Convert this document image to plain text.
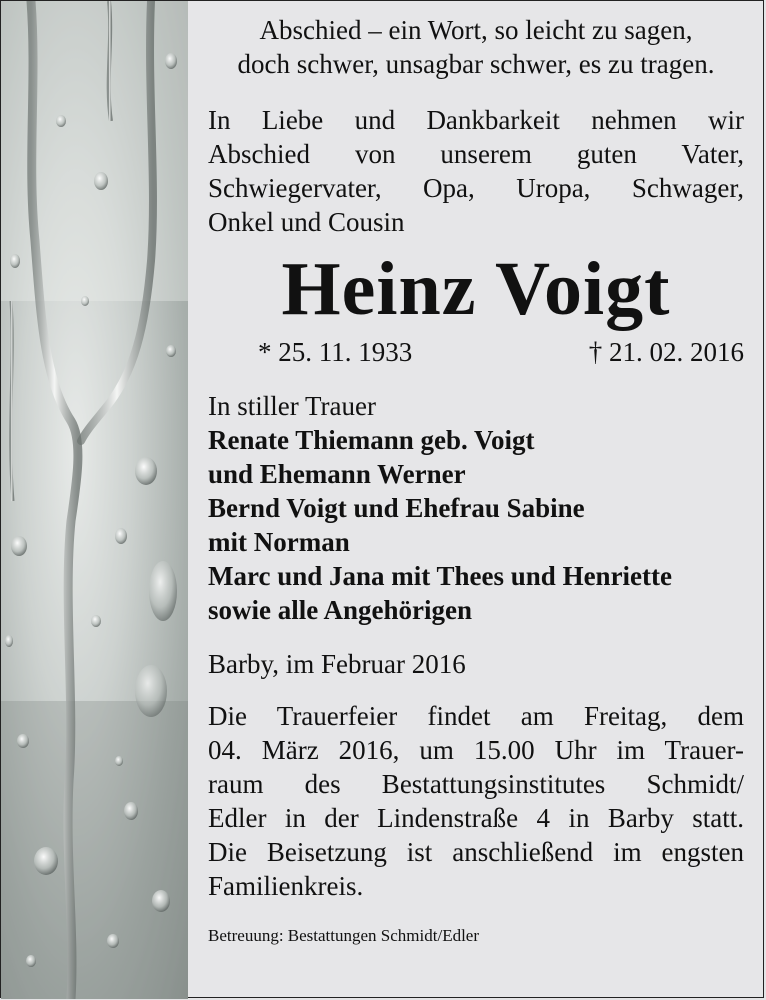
Abschied – ein Wort, so leicht zu sagen,
doch schwer, unsagbar schwer, es zu tragen.
In Liebe und Dankbarkeit nehmen wir
Abschied von unserem guten Vater,
Schwiegervater, Opa, Uropa, Schwager,
Onkel und Cousin
Heinz Voigt
* 25. 11. 1933	† 21. 02. 2016
In stiller Trauer
Renate Thiemann geb. Voigt
und Ehemann Werner
Bernd Voigt und Ehefrau Sabine
mit Norman
Marc und Jana mit Thees und Henriette
sowie alle Angehörigen
Barby, im Februar 2016
Die Trauerfeier findet am Freitag, dem
04. März 2016, um 15.00 Uhr im Trauer-
raum des Bestattungsinstitutes Schmidt/
Edler in der Lindenstraße 4 in Barby statt.
Die Beisetzung ist anschließend im engsten
Familienkreis.
Betreuung: Bestattungen Schmidt/Edler
